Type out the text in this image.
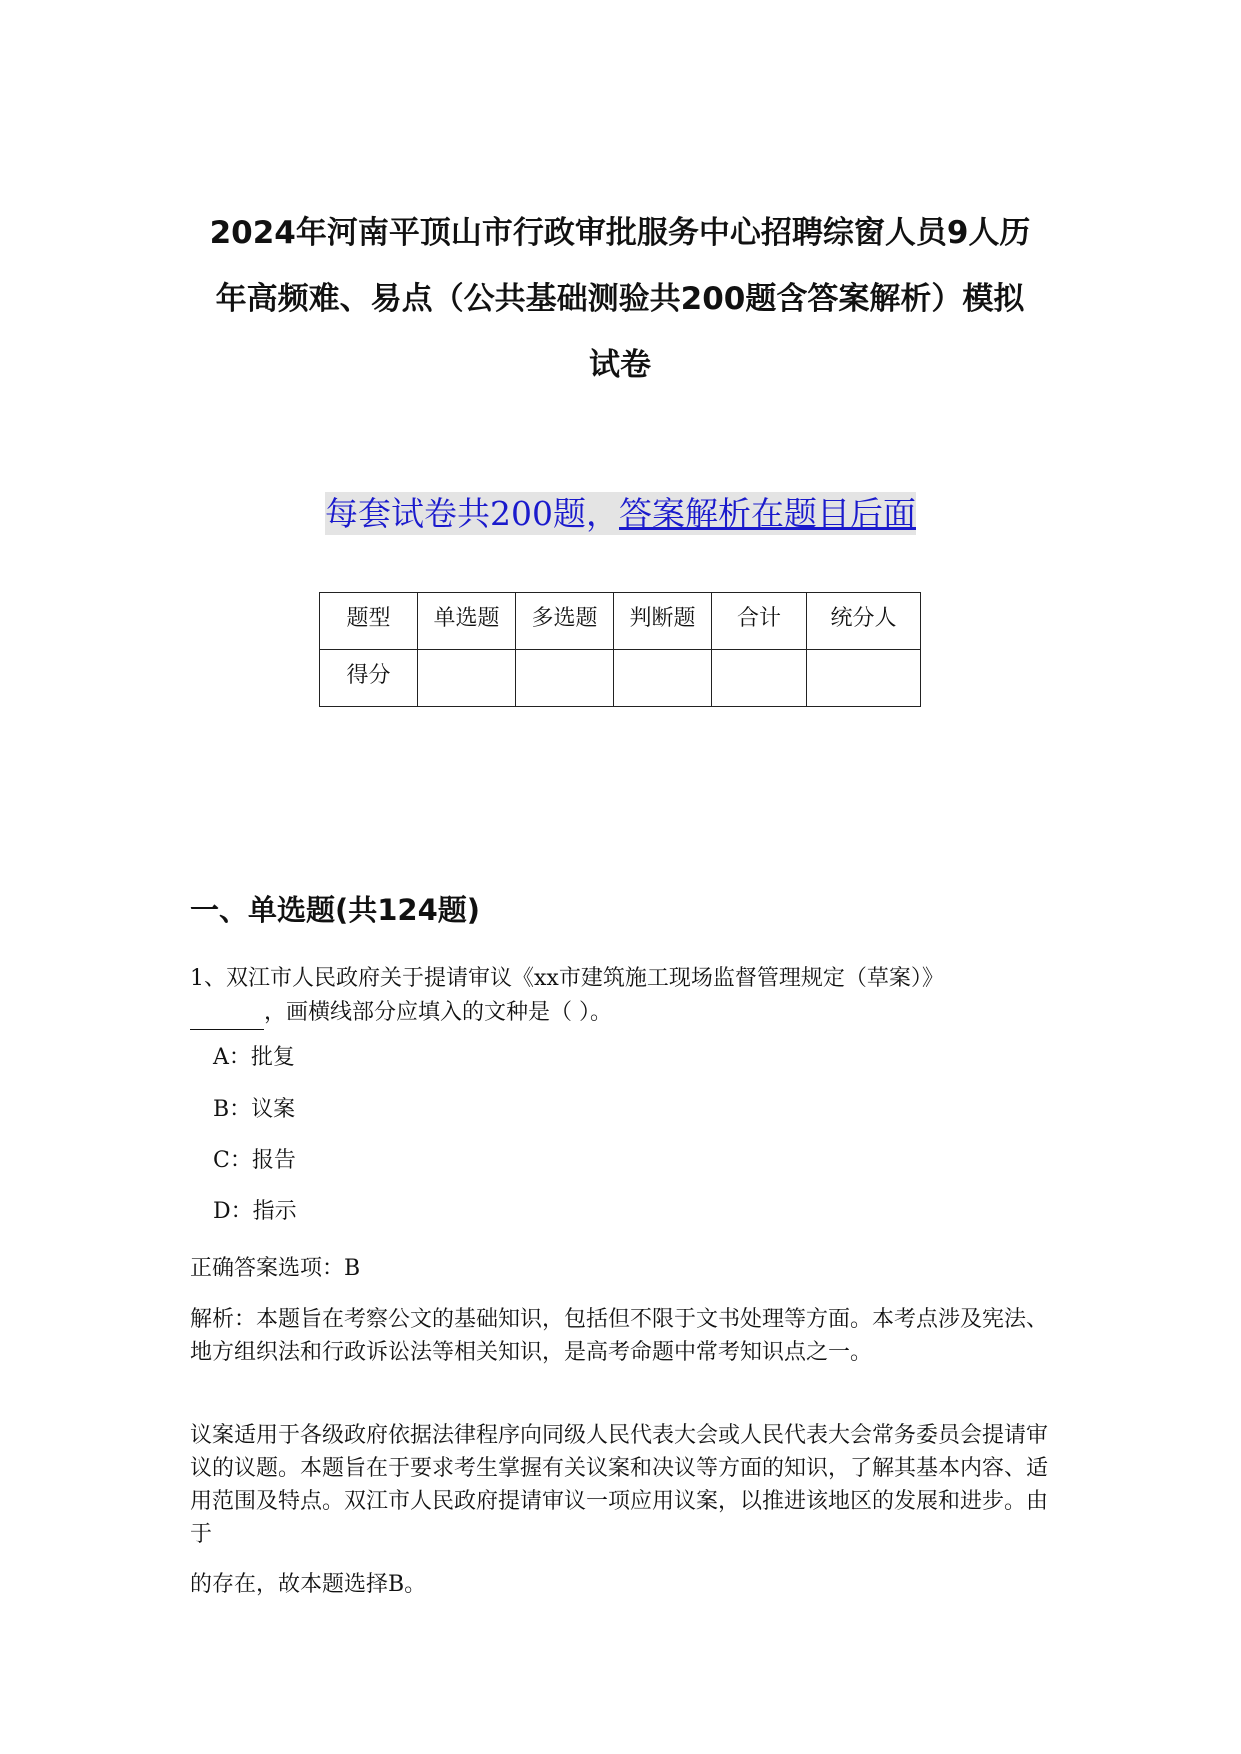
2024年河南平顶山市行政审批服务中心招聘综窗人员9人历
年高频难、易点（公共基础测验共200题含答案解析）模拟
试卷
每套试卷共200题，答案解析在题目后面
题型	单选题	多选题	判断题	合计	统分人
得分					
一、单选题(共124题)
1、双江市人民政府关于提请审议《xx市建筑施工现场监督管理规定（草案）》
，画横线部分应填入的文种是（ ）。
A：批复
B：议案
C：报告
D：指示
正确答案选项：B
解析：本题旨在考察公文的基础知识，包括但不限于文书处理等方面。本考点涉及宪法、地方组织法和行政诉讼法等相关知识，是高考命题中常考知识点之一。
议案适用于各级政府依据法律程序向同级人民代表大会或人民代表大会常务委员会提请审议的议题。本题旨在于要求考生掌握有关议案和决议等方面的知识，了解其基本内容、适用范围及特点。双江市人民政府提请审议一项应用议案，以推进该地区的发展和进步。由于
的存在，故本题选择B。
